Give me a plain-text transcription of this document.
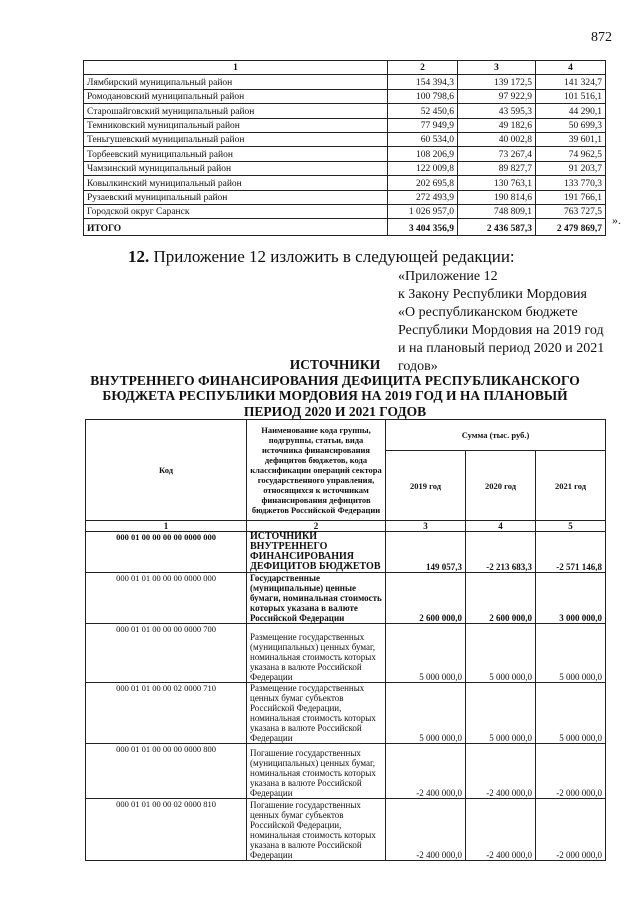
872
1	2	3	4
Лямбирский муниципальный район	154 394,3	139 172,5	141 324,7
Ромодановский муниципальный район	100 798,6	97 922,9	101 516,1
Старошайговский муниципальный район	52 450,6	43 595,3	44 290,1
Темниковский муниципальный район	77 949,9	49 182,6	50 699,3
Теньгушевский муниципальный район	60 534,0	40 002,8	39 601,1
Торбеевский муниципальный район	108 206,9	73 267,4	74 962,5
Чамзинский муниципальный район	122 009,8	89 827,7	91 203,7
Ковылкинский муниципальный район	202 695,8	130 763,1	133 770,3
Рузаевский муниципальный район	272 493,9	190 814,6	191 766,1
Городской округ Саранск	1 026 957,0	748 809,1	763 727,5
ИТОГО	3 404 356,9	2 436 587,3	2 479 869,7
».
12. Приложение 12 изложить в следующей редакции:
«Приложение 12
к Закону Республики Мордовия
«О республиканском бюджете
Республики Мордовия на 2019 год
и на плановый период 2020 и 2021
годов»
ИСТОЧНИКИ
ВНУТРЕННЕГО ФИНАНСИРОВАНИЯ ДЕФИЦИТА РЕСПУБЛИКАНСКОГО
БЮДЖЕТА РЕСПУБЛИКИ МОРДОВИЯ НА 2019 ГОД И НА ПЛАНОВЫЙ
ПЕРИОД 2020 И 2021 ГОДОВ
Код	Наименование кода группы, подгруппы, статьи, вида источника финансирования дефицитов бюджетов, кода классификации операций сектора государственного управления, относящихся к источникам финансирования дефицитов бюджетов Российской Федерации	Сумма (тыс. руб.)		
		2019 год	2020 год	2021 год
1	2	3	4	5
000 01 00 00 00 00 0000 000	ИСТОЧНИКИ ВНУТРЕННЕГО ФИНАНСИРОВАНИЯ ДЕФИЦИТОВ БЮДЖЕТОВ	149 057,3	-2 213 683,3	-2 571 146,8
000 01 01 00 00 00 0000 000	Государственные (муниципальные) ценные бумаги, номинальная стоимость которых указана в валюте Российской Федерации	2 600 000,0	2 600 000,0	3 000 000,0
000 01 01 00 00 00 0000 700	Размещение государственных (муниципальных) ценных бумаг, номинальная стоимость которых указана в валюте Российской Федерации	5 000 000,0	5 000 000,0	5 000 000,0
000 01 01 00 00 02 0000 710	Размещение государственных ценных бумаг субъектов Российской Федерации, номинальная стоимость которых указана в валюте Российской Федерации	5 000 000,0	5 000 000,0	5 000 000,0
000 01 01 00 00 00 0000 800	Погашение государственных (муниципальных) ценных бумаг, номинальная стоимость которых указана в валюте Российской Федерации	-2 400 000,0	-2 400 000,0	-2 000 000,0
000 01 01 00 00 02 0000 810	Погашение государственных ценных бумаг субъектов Российской Федерации, номинальная стоимость которых указана в валюте Российской Федерации	-2 400 000,0	-2 400 000,0	-2 000 000,0
